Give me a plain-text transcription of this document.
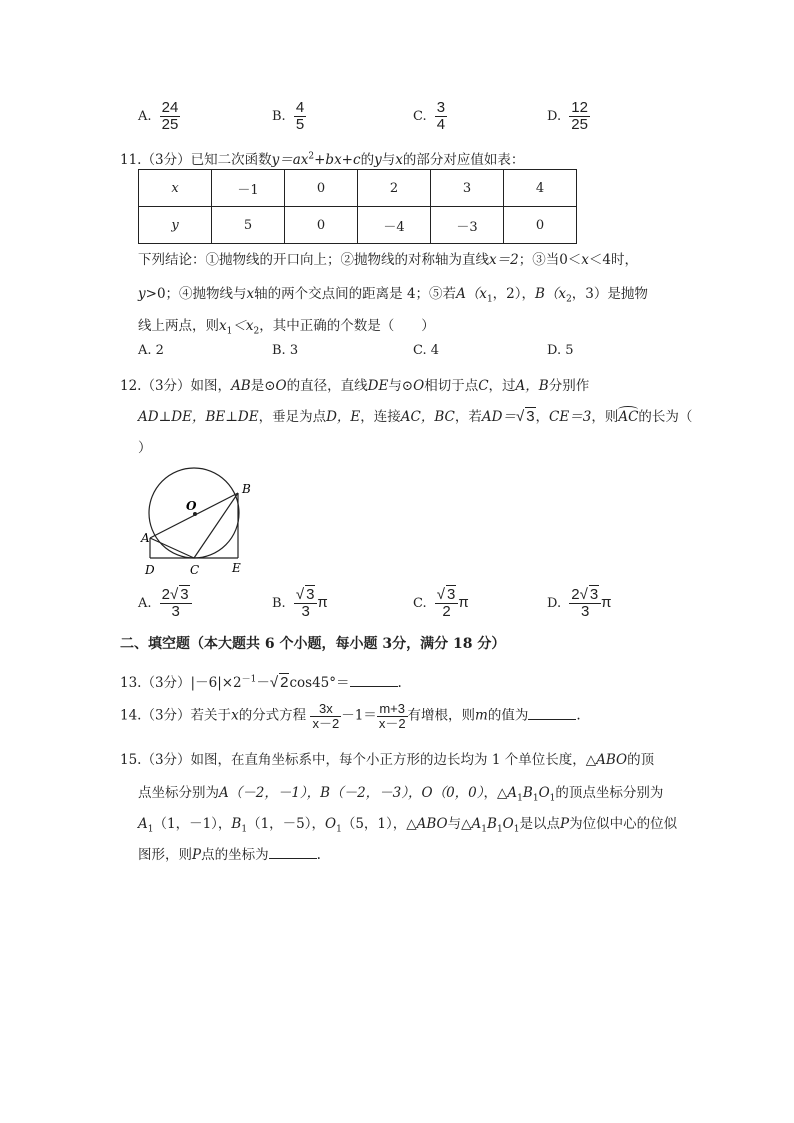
A. $\frac{24}{25}$	B. $\frac{4}{5}$	C. $\frac{3}{4}$	D. $\frac{12}{25}$
11.（3分）已知二次函数$y=ax^2+bx+c$的y与x的部分对应值如表：
x	－1	0	2	3	4
y	5	0	－4	－3	0
下列结论：①抛物线的开口向上；②抛物线的对称轴为直线x＝2；③当0＜x＜4时，
y>0；④抛物线与x轴的两个交点间的距离是 4；⑤若$A(x_1$，2），$B(x_2$，3）是抛物
线上两点，则$x_1<x_2$，其中正确的个数是（　　）
A. 2	B. 3	C. 4	D. 5
12.（3分）如图，AB是⊙O的直径，直线DE与⊙O相切于点C，过A，B分别作
AD⊥DE，BE⊥DE，垂足为点D，E，连接AC，BC，若AD＝√ 3，CE＝3，则AC的长为（
）
A
B
O
C
D	E
A. $\frac{2√ 3}{3}$	B. $\frac{√ 3}{3}$ π	C. $\frac{√ 3}{2}$ π	D. $\frac{2√ 3}{3}$ π
二、填空题（本大题共 6 个小题，每小题 3分，满分 18 分）
13.（3分）$|-6|\times 2^{-1}-√$ 2cos45°＝	.
14.（3分）若关于x的分式方程 $\frac{3x}{x-2} -1= \frac{m+3}{x-2}$ 有增根，则m的值为	.
15.（3分）如图，在直角坐标系中，每个小正方形的边长均为 1 个单位长度，△ABO的顶
点坐标分别为A（－2，－1），B（－2，－3），O（0，0），$\triangle A_1B_1O_1$的顶点坐标分别为
$A_1(1$，－1），$B_1(1$，－5），$O_1(5$，1），△ABO与$\triangle A_1B_1O_1$是以点P为位似中心的位似
图形，则P点的坐标为	.
